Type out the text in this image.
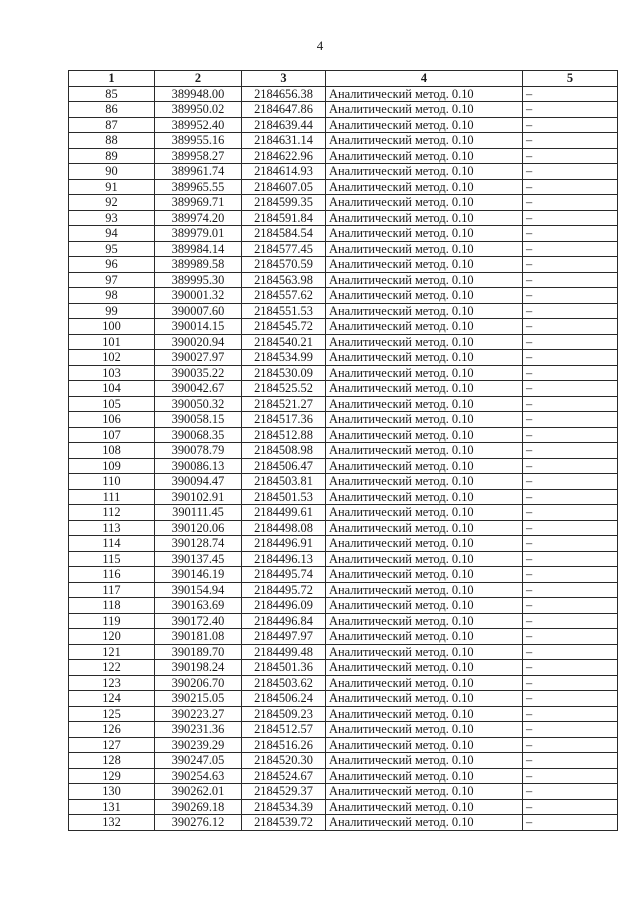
4
1	2	3	4	5
85	389948.00	2184656.38	Аналитический метод. 0.10	–
86	389950.02	2184647.86	Аналитический метод. 0.10	–
87	389952.40	2184639.44	Аналитический метод. 0.10	–
88	389955.16	2184631.14	Аналитический метод. 0.10	–
89	389958.27	2184622.96	Аналитический метод. 0.10	–
90	389961.74	2184614.93	Аналитический метод. 0.10	–
91	389965.55	2184607.05	Аналитический метод. 0.10	–
92	389969.71	2184599.35	Аналитический метод. 0.10	–
93	389974.20	2184591.84	Аналитический метод. 0.10	–
94	389979.01	2184584.54	Аналитический метод. 0.10	–
95	389984.14	2184577.45	Аналитический метод. 0.10	–
96	389989.58	2184570.59	Аналитический метод. 0.10	–
97	389995.30	2184563.98	Аналитический метод. 0.10	–
98	390001.32	2184557.62	Аналитический метод. 0.10	–
99	390007.60	2184551.53	Аналитический метод. 0.10	–
100	390014.15	2184545.72	Аналитический метод. 0.10	–
101	390020.94	2184540.21	Аналитический метод. 0.10	–
102	390027.97	2184534.99	Аналитический метод. 0.10	–
103	390035.22	2184530.09	Аналитический метод. 0.10	–
104	390042.67	2184525.52	Аналитический метод. 0.10	–
105	390050.32	2184521.27	Аналитический метод. 0.10	–
106	390058.15	2184517.36	Аналитический метод. 0.10	–
107	390068.35	2184512.88	Аналитический метод. 0.10	–
108	390078.79	2184508.98	Аналитический метод. 0.10	–
109	390086.13	2184506.47	Аналитический метод. 0.10	–
110	390094.47	2184503.81	Аналитический метод. 0.10	–
111	390102.91	2184501.53	Аналитический метод. 0.10	–
112	390111.45	2184499.61	Аналитический метод. 0.10	–
113	390120.06	2184498.08	Аналитический метод. 0.10	–
114	390128.74	2184496.91	Аналитический метод. 0.10	–
115	390137.45	2184496.13	Аналитический метод. 0.10	–
116	390146.19	2184495.74	Аналитический метод. 0.10	–
117	390154.94	2184495.72	Аналитический метод. 0.10	–
118	390163.69	2184496.09	Аналитический метод. 0.10	–
119	390172.40	2184496.84	Аналитический метод. 0.10	–
120	390181.08	2184497.97	Аналитический метод. 0.10	–
121	390189.70	2184499.48	Аналитический метод. 0.10	–
122	390198.24	2184501.36	Аналитический метод. 0.10	–
123	390206.70	2184503.62	Аналитический метод. 0.10	–
124	390215.05	2184506.24	Аналитический метод. 0.10	–
125	390223.27	2184509.23	Аналитический метод. 0.10	–
126	390231.36	2184512.57	Аналитический метод. 0.10	–
127	390239.29	2184516.26	Аналитический метод. 0.10	–
128	390247.05	2184520.30	Аналитический метод. 0.10	–
129	390254.63	2184524.67	Аналитический метод. 0.10	–
130	390262.01	2184529.37	Аналитический метод. 0.10	–
131	390269.18	2184534.39	Аналитический метод. 0.10	–
132	390276.12	2184539.72	Аналитический метод. 0.10	–
